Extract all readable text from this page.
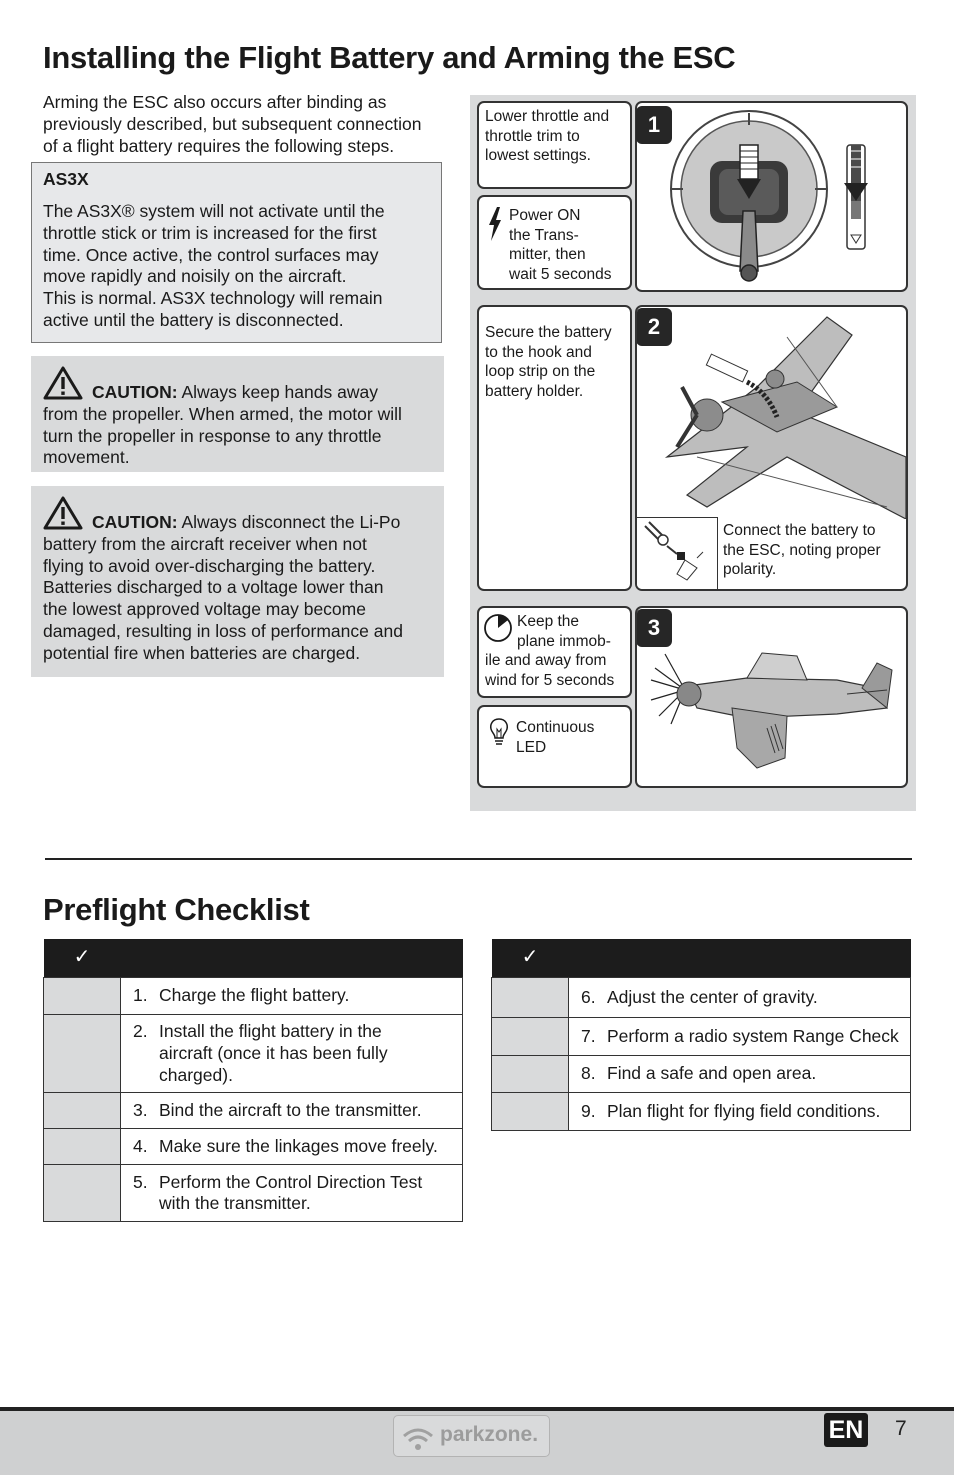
Installing the Flight Battery and Arming the ESC
Arming the ESC also occurs after binding as
previously described, but subsequent connection
of a flight battery requires the following steps.
AS3X
The AS3X® system will not activate until the
throttle stick or trim is increased for the first
time. Once active, the control surfaces may
move rapidly and noisily on the aircraft.
This is normal. AS3X technology will remain
active until the battery is disconnected.
CAUTION: Always keep hands away
from the propeller. When armed, the motor will
turn the propeller in response to any throttle
movement.
CAUTION: Always disconnect the Li-Po
battery from the aircraft receiver when not
flying to avoid over-discharging the battery.
Batteries discharged to a voltage lower than
the lowest approved voltage may become
damaged, resulting in loss of performance and
potential fire when batteries are charged.
Lower throttle and
throttle trim to
lowest settings.
Power ON
the Trans-
mitter, then
wait 5 seconds
1
Secure the battery
to the hook and
loop strip on the
battery holder.
2
Connect the battery to
the ESC, noting proper
polarity.
Keep the
plane immob-
ile and away from
wind for 5 seconds
Continuous
LED
3
Preflight Checklist
✓	

	1. Charge the flight battery.

	2. Install the flight battery in the
aircraft (once it has been fully
charged).

	3. Bind the aircraft to the transmitter.

	4. Make sure the linkages move freely.

	5. Perform the Control Direction Test
with the transmitter.
✓	

	6. Adjust the center of gravity.

	7. Perform a radio system Range Check

	8. Find a safe and open area.

	9. Plan flight for flying field conditions.
parkzone.	EN 7
